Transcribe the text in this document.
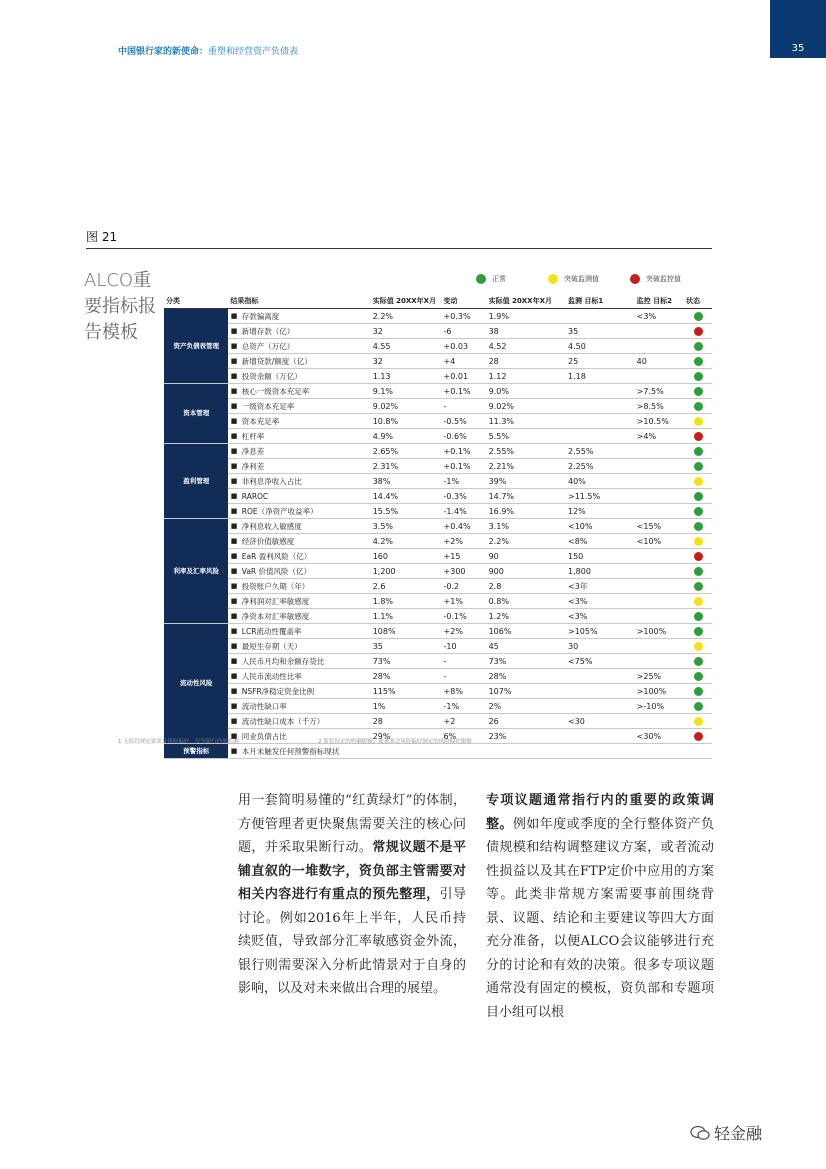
35
中国银行家的新使命：重塑和经营资产负债表
图 21
ALCO重要指标报告模板
正常	突破监测值	突破监控值
分类	结果指标		实际值 20XX年X月	变动	实际值 20XX年X月	监测 目标1	监控 目标2	状态
资产负债表管理	■	存款偏离度	2.2%	+0.3%	1.9%		<3%	
	■	新增存款（亿）	32	-6	38	35		
	■	总资产（万亿）	4.55	+0.03	4.52	4.50		
	■	新增贷款/额度（亿）	32	+4	28	25	40	
	■	投资余额（万亿）	1.13	+0.01	1.12	1.18		
资本管理	■	核心一级资本充足率	9.1%	+0.1%	9.0%		>7.5%	
	■	一级资本充足率	9.02%	-	9.02%		>8.5%	
	■	资本充足率	10.8%	-0.5%	11.3%		>10.5%	
	■	杠杆率	4.9%	-0.6%	5.5%		>4%	
盈利管理	■	净息差	2.65%	+0.1%	2.55%	2.55%		
	■	净利差	2.31%	+0.1%	2.21%	2.25%		
	■	非利息净收入占比	38%	-1%	39%	40%		
	■	RAROC	14.4%	-0.3%	14.7%	>11.5%		
	■	ROE（净资产收益率）	15.5%	-1.4%	16.9%	12%		
利率及汇率风险	■	净利息收入敏感度	3.5%	+0.4%	3.1%	<10%	<15%	
	■	经济价值敏感度	4.2%	+2%	2.2%	<8%	<10%	
	■	EaR 盈利风险（亿）	160	+15	90	150		
	■	VaR 价值风险（亿）	1,200	+300	900	1,800		
	■	投资账户久期（年）	2.6	-0.2	2.8	<3年		
	■	净利润对汇率敏感度	1.8%	+1%	0.8%	<3%		
	■	净资本对汇率敏感度	1.1%	-0.1%	1.2%	<3%		
流动性风险	■	LCR流动性覆盖率	108%	+2%	106%	>105%	>100%	
	■	最短生存期（天）	35	-10	45	30		
	■	人民币月均和余额存贷比	73%	-	73%	<75%		
	■	人民币流动性比率	28%	-	28%		>25%	
	■	NSFR净稳定资金比例	115%	+8%	107%		>100%	
	■	流动性缺口率	1%	-1%	2%		>-10%	
	■	流动性缺口成本（千万）	28	+2	26	<30		
	■	同业负债占比	29%	6%	23%		<30%	
预警指标	■	本月未触发任何预警指标现状						
1 无监管规定要求及风险偏好，仅为银行内部监测	2 监管设定的明确限额，或董事会风险偏好制定的风险偏好限额
用一套简明易懂的“红黄绿灯”的体制，方便管理者更快聚焦需要关注的核心问题，并采取果断行动。常规议题不是平铺直叙的一堆数字，资负部主管需要对相关内容进行有重点的预先整理，引导讨论。例如2016年上半年，人民币持续贬值，导致部分汇率敏感资金外流，银行则需要深入分析此情景对于自身的影响，以及对未来做出合理的展望。
专项议题通常指行内的重要的政策调整。例如年度或季度的全行整体资产负债规模和结构调整建议方案，或者流动性损益以及其在FTP定价中应用的方案等。此类非常规方案需要事前围绕背景、议题、结论和主要建议等四大方面充分准备，以便ALCO会议能够进行充分的讨论和有效的决策。很多专项议题通常没有固定的模板，资负部和专题项目小组可以根
轻金融
